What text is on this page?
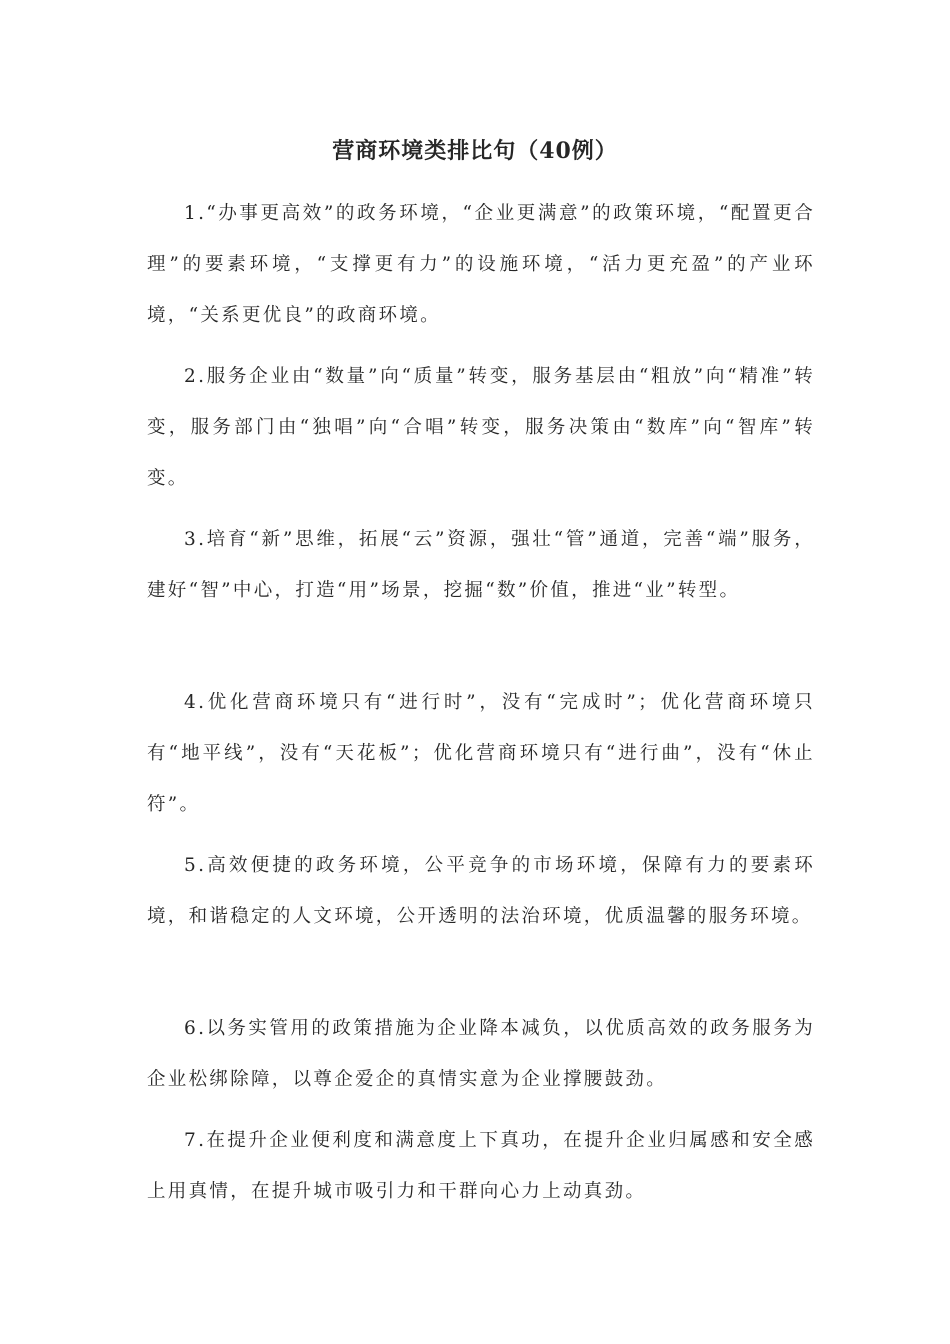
营商环境类排比句（40例）

1.“办事更高效”的政务环境，“企业更满意”的政策环境，“配置更合理”的要素环境，“支撑更有力”的设施环境，“活力更充盈”的产业环境，“关系更优良”的政商环境。

2.服务企业由“数量”向“质量”转变，服务基层由“粗放”向“精准”转变，服务部门由“独唱”向“合唱”转变，服务决策由“数库”向“智库”转变。

3.培育“新”思维，拓展“云”资源，强壮“管”通道，完善“端”服务，建好“智”中心，打造“用”场景，挖掘“数”价值，推进“业”转型。

4.优化营商环境只有“进行时”，没有“完成时”；优化营商环境只有“地平线”，没有“天花板”；优化营商环境只有“进行曲”，没有“休止符”。

5.高效便捷的政务环境，公平竞争的市场环境，保障有力的要素环境，和谐稳定的人文环境，公开透明的法治环境，优质温馨的服务环境。

6.以务实管用的政策措施为企业降本减负，以优质高效的政务服务为企业松绑除障，以尊企爱企的真情实意为企业撑腰鼓劲。

7.在提升企业便利度和满意度上下真功，在提升企业归属感和安全感上用真情，在提升城市吸引力和干群向心力上动真劲。
